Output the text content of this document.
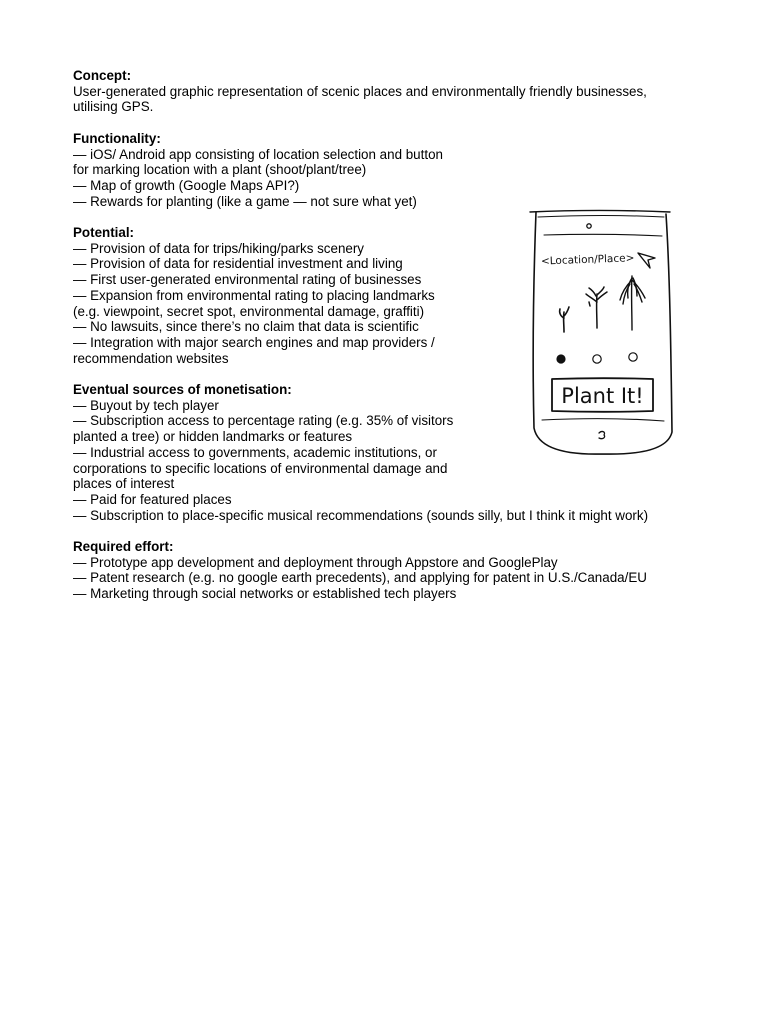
Concept:
User-generated graphic representation of scenic places and environmentally friendly businesses,
utilising GPS.
Functionality:
— iOS/ Android app consisting of location selection and button
for marking location with a plant (shoot/plant/tree)
— Map of growth (Google Maps API?)
— Rewards for planting (like a game — not sure what yet)
Potential:
— Provision of data for trips/hiking/parks scenery
— Provision of data for residential investment and living
— First user-generated environmental rating of businesses
— Expansion from environmental rating to placing landmarks
(e.g. viewpoint, secret spot, environmental damage, graffiti)
— No lawsuits, since there’s no claim that data is scientific
— Integration with major search engines and map providers /
recommendation websites
Eventual sources of monetisation:
— Buyout by tech player
— Subscription access to percentage rating (e.g. 35% of visitors
planted a tree) or hidden landmarks or features
— Industrial access to governments, academic institutions, or
corporations to specific locations of environmental damage and
places of interest
— Paid for featured places
— Subscription to place-specific musical recommendations (sounds silly, but I think it might work)
Required effort:
— Prototype app development and deployment through Appstore and GooglePlay
— Patent research (e.g. no google earth precedents), and applying for patent in U.S./Canada/EU
— Marketing through social networks or established tech players
<Location/Place>
Plant It!
